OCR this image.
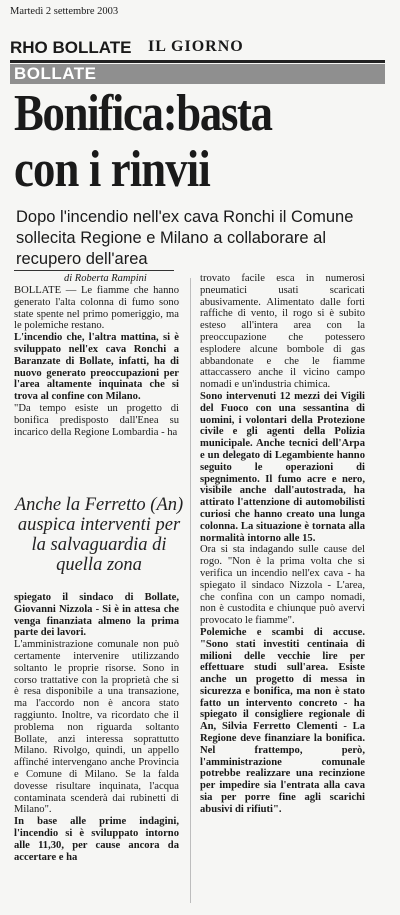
Martedì 2 settembre 2003
RHO BOLLATE IL GIORNO
BOLLATE
Bonifica:basta
con i rinvii
Dopo l'incendio nell'ex cava Ronchi il Comune sollecita Regione e Milano a collaborare al recupero dell'area
di Roberta Rampini

BOLLATE — Le fiamme che hanno generato l'alta colonna di fumo sono state spente nel primo pomeriggio, ma le polemiche restano.

L'incendio che, l'altra mattina, si è sviluppato nell'ex cava Ronchi a Baranzate di Bollate, infatti, ha di nuovo generato preoccupazioni per l'area altamente inquinata che si trova al confine con Milano.

"Da tempo esiste un progetto di bonifica predisposto dall'Enea su incarico della Regione Lombardia - ha

Anche la Ferretto (An) auspica interventi per la salvaguardia di quella zona

spiegato il sindaco di Bollate, Giovanni Nizzola - Si è in attesa che venga finanziata almeno la prima parte dei lavori.

L'amministrazione comunale non può certamente intervenire utilizzando soltanto le proprie risorse. Sono in corso trattative con la proprietà che si è resa disponibile a una transazione, ma l'accordo non è ancora stato raggiunto. Inoltre, va ricordato che il problema non riguarda soltanto Bollate, anzi interessa soprattutto Milano. Rivolgo, quindi, un appello affinché intervengano anche Provincia e Comune di Milano. Se la falda dovesse risultare inquinata, l'acqua contaminata scenderà dai rubinetti di Milano".

In base alle prime indagini, l'incendio si è sviluppato intorno alle 11,30, per cause ancora da accertare e ha

trovato facile esca in numerosi pneumatici usati scaricati abusivamente. Alimentato dalle forti raffiche di vento, il rogo si è subito esteso all'intera area con la preoccupazione che potessero esplodere alcune bombole di gas abbandonate e che le fiamme attaccassero anche il vicino campo nomadi e un'industria chimica.

Sono intervenuti 12 mezzi dei Vigili del Fuoco con una sessantina di uomini, i volontari della Protezione civile e gli agenti della Polizia municipale. Anche tecnici dell'Arpa e un delegato di Legambiente hanno seguito le operazioni di spegnimento. Il fumo acre e nero, visibile anche dall'autostrada, ha attirato l'attenzione di automobilisti curiosi che hanno creato una lunga colonna. La situazione è tornata alla normalità intorno alle 15.

Ora si sta indagando sulle cause del rogo. "Non è la prima volta che si verifica un incendio nell'ex cava - ha spiegato il sindaco Nizzola - L'area, che confina con un campo nomadi, non è custodita e chiunque può avervi provocato le fiamme".

Polemiche e scambi di accuse. "Sono stati investiti centinaia di milioni delle vecchie lire per effettuare studi sull'area. Esiste anche un progetto di messa in sicurezza e bonifica, ma non è stato fatto un intervento concreto - ha spiegato il consigliere regionale di An, Silvia Ferretto Clementi - La Regione deve finanziare la bonifica. Nel frattempo, però, l'amministrazione comunale potrebbe realizzare una recinzione per impedire sia l'entrata alla cava sia per porre fine agli scarichi abusivi di rifiuti".
